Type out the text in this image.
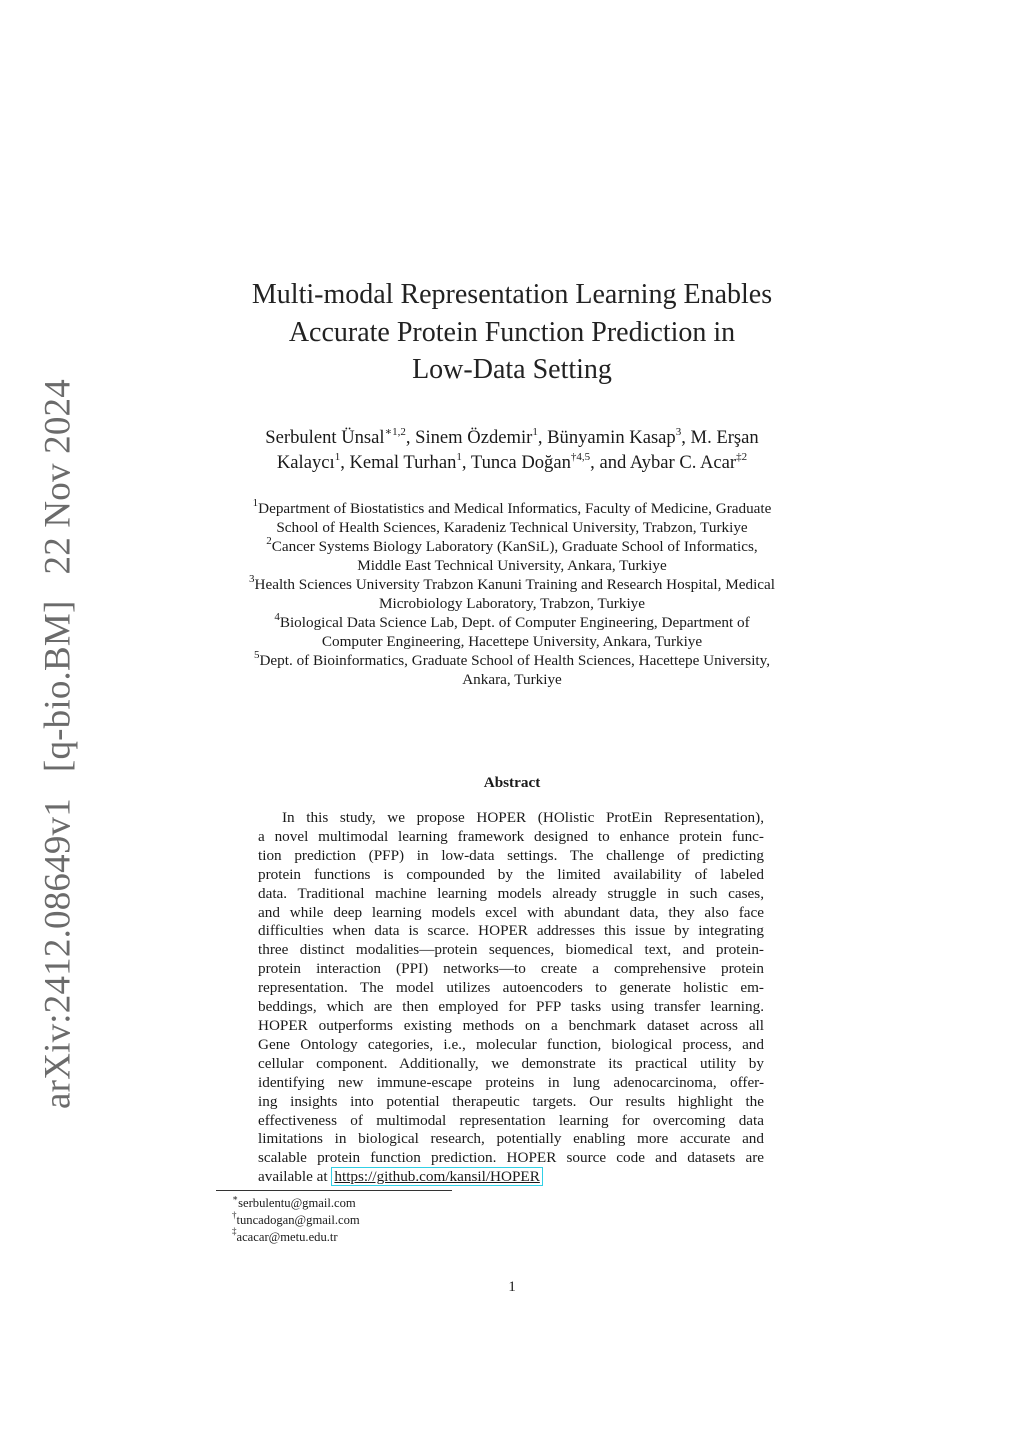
arXiv:2412.08649v1[q-bio.BM]22 Nov 2024
Multi-modal Representation Learning Enables
Accurate Protein Function Prediction in
Low-Data Setting
Serbulent Ünsal$^{∗1,2}$, Sinem Özdemir$^1$, Bünyamin Kasap$^3$, M. Erşan
Kalaycı$^1$, Kemal Turhan$^1$, Tunca Doğan$^{\dagger 4,5}$, and Aybar C. Acar$^{\ddagger 2}$
$^1$Department of Biostatistics and Medical Informatics, Faculty of Medicine, Graduate
School of Health Sciences, Karadeniz Technical University, Trabzon, Turkiye
$^2$Cancer Systems Biology Laboratory (KanSiL), Graduate School of Informatics,
Middle East Technical University, Ankara, Turkiye
$^3$Health Sciences University Trabzon Kanuni Training and Research Hospital, Medical
Microbiology Laboratory, Trabzon, Turkiye
$^4$Biological Data Science Lab, Dept. of Computer Engineering, Department of
Computer Engineering, Hacettepe University, Ankara, Turkiye
$^5$Dept. of Bioinformatics, Graduate School of Health Sciences, Hacettepe University,
Ankara, Turkiye
Abstract
In this study, we propose HOPER (HOlistic ProtEin Representation),
a novel multimodal learning framework designed to enhance protein func-
tion prediction (PFP) in low-data settings. The challenge of predicting
protein functions is compounded by the limited availability of labeled
data. Traditional machine learning models already struggle in such cases,
and while deep learning models excel with abundant data, they also face
difficulties when data is scarce. HOPER addresses this issue by integrating
three distinct modalities—protein sequences, biomedical text, and protein-
protein interaction (PPI) networks—to create a comprehensive protein
representation. The model utilizes autoencoders to generate holistic em-
beddings, which are then employed for PFP tasks using transfer learning.
HOPER outperforms existing methods on a benchmark dataset across all
Gene Ontology categories, i.e., molecular function, biological process, and
cellular component. Additionally, we demonstrate its practical utility by
identifying new immune-escape proteins in lung adenocarcinoma, offer-
ing insights into potential therapeutic targets. Our results highlight the
effectiveness of multimodal representation learning for overcoming data
limitations in biological research, potentially enabling more accurate and
scalable protein function prediction. HOPER source code and datasets are
available at https://github.com/kansil/HOPER
∗serbulentu@gmail.com
†tuncadogan@gmail.com
‡acacar@metu.edu.tr
1
